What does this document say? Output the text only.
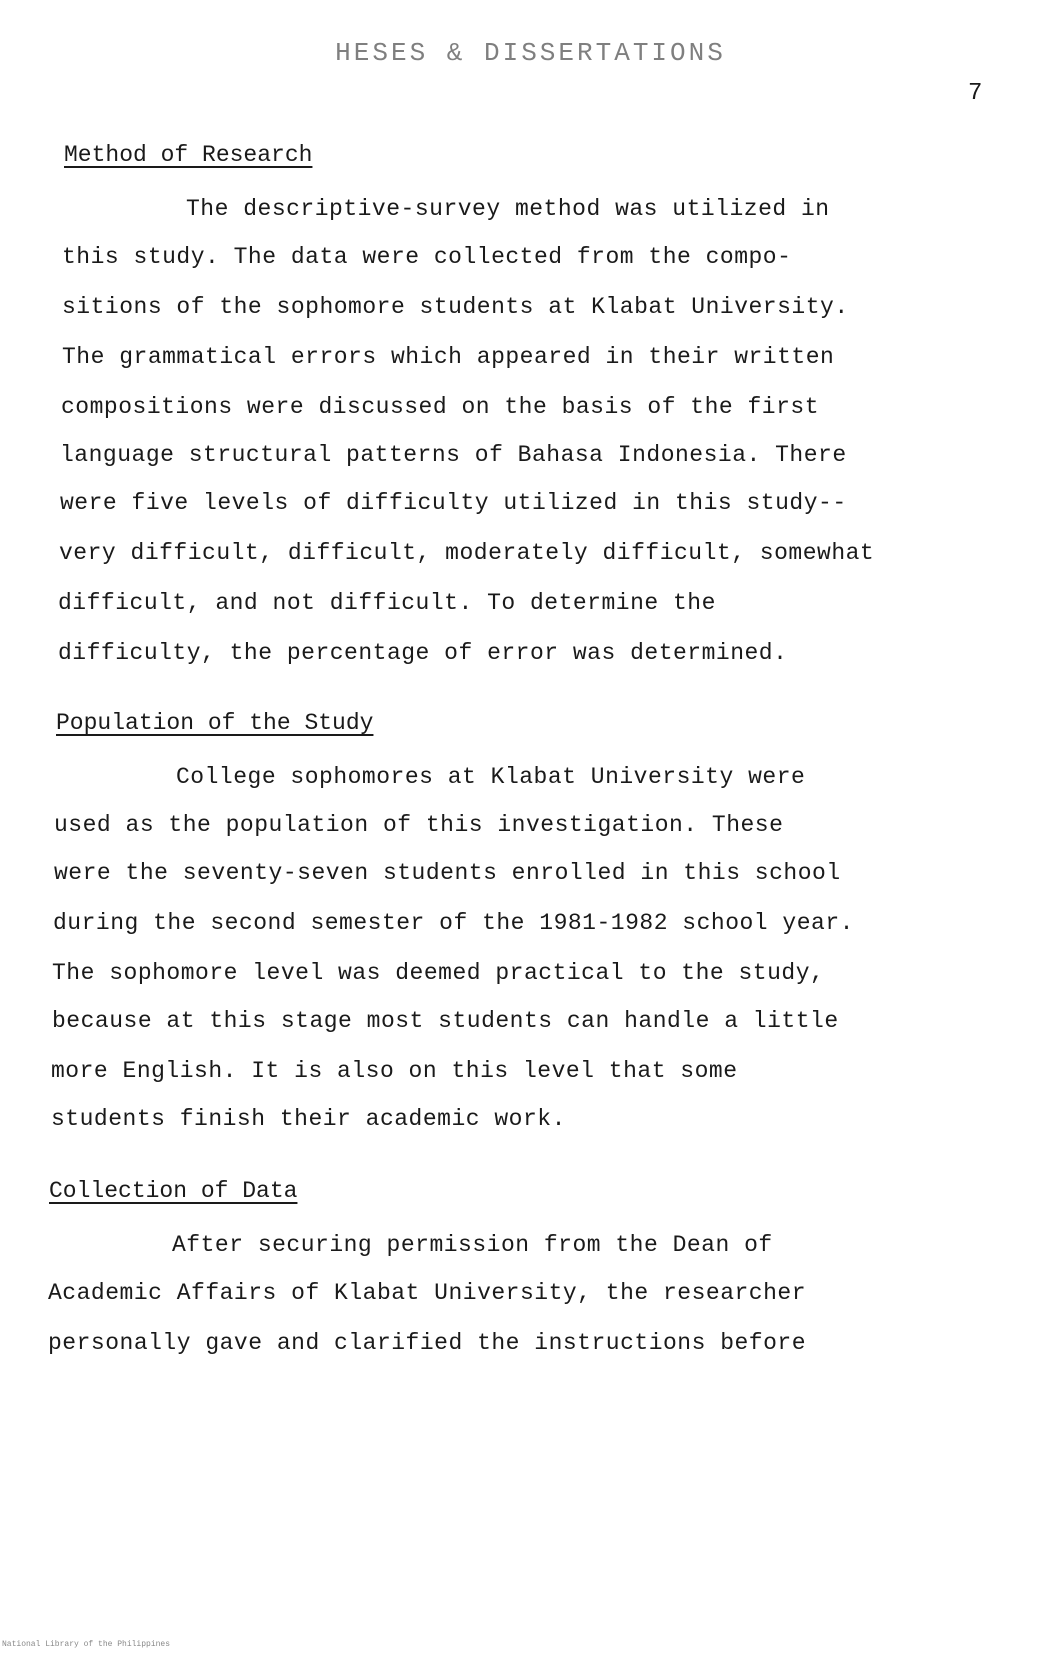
HESES & DISSERTATIONS
7
Method of Research
The descriptive-survey method was utilized in
this study. The data were collected from the compo-
sitions of the sophomore students at Klabat University.
The grammatical errors which appeared in their written
compositions were discussed on the basis of the first
language structural patterns of Bahasa Indonesia. There
were five levels of difficulty utilized in this study--
very difficult, difficult, moderately difficult, somewhat
difficult, and not difficult. To determine the
difficulty, the percentage of error was determined.
Population of the Study
College sophomores at Klabat University were
used as the population of this investigation. These
were the seventy-seven students enrolled in this school
during the second semester of the 1981-1982 school year.
The sophomore level was deemed practical to the study,
because at this stage most students can handle a little
more English. It is also on this level that some
students finish their academic work.
Collection of Data
After securing permission from the Dean of
Academic Affairs of Klabat University, the researcher
personally gave and clarified the instructions before
National Library of the Philippines
